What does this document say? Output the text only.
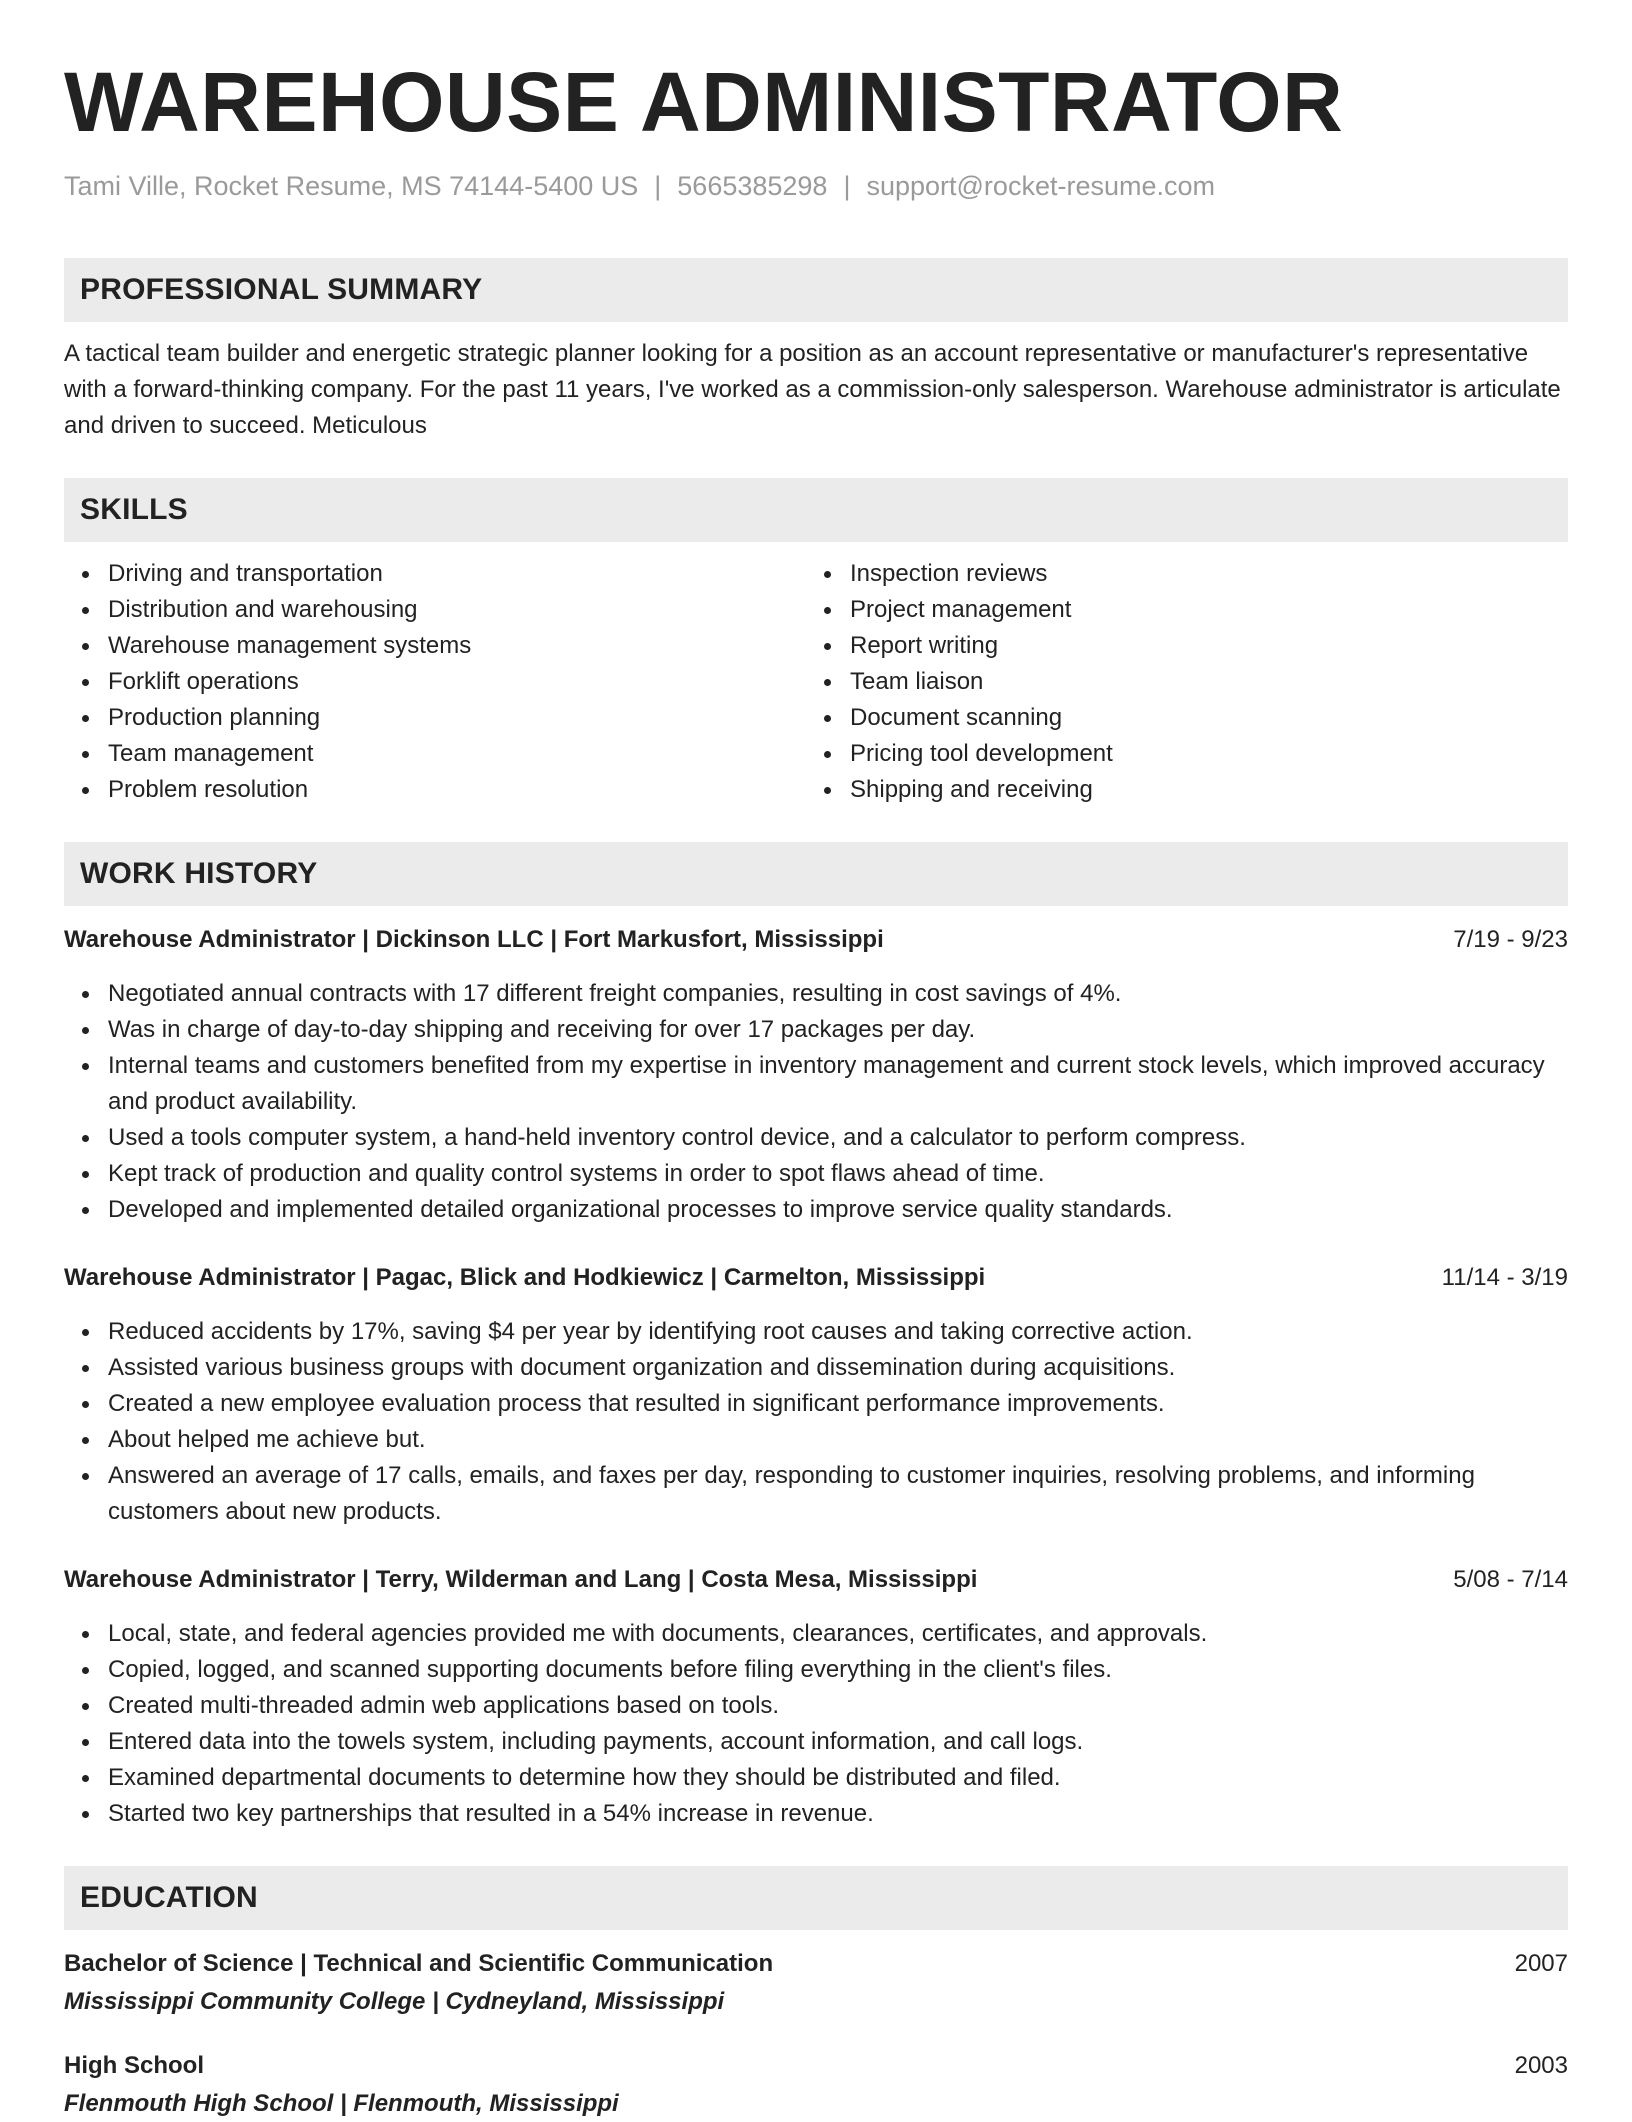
WAREHOUSE ADMINISTRATOR
Tami Ville, Rocket Resume, MS 74144-5400 US | 5665385298 | support@rocket-resume.com
PROFESSIONAL SUMMARY

A tactical team builder and energetic strategic planner looking for a position as an account representative or manufacturer's representative with a forward-thinking company. For the past 11 years, I've worked as a commission-only salesperson. Warehouse administrator is articulate and driven to succeed. Meticulous

SKILLS
Driving and transportation
Distribution and warehousing
Warehouse management systems
Forklift operations
Production planning
Team management
Problem resolution
Inspection reviews
Project management
Report writing
Team liaison
Document scanning
Pricing tool development
Shipping and receiving
WORK HISTORY
Warehouse Administrator | Dickinson LLC | Fort Markusfort, Mississippi	7/19 - 9/23
Negotiated annual contracts with 17 different freight companies, resulting in cost savings of 4%.
Was in charge of day-to-day shipping and receiving for over 17 packages per day.
Internal teams and customers benefited from my expertise in inventory management and current stock levels, which improved accuracy and product availability.
Used a tools computer system, a hand-held inventory control device, and a calculator to perform compress.
Kept track of production and quality control systems in order to spot flaws ahead of time.
Developed and implemented detailed organizational processes to improve service quality standards.
Warehouse Administrator | Pagac, Blick and Hodkiewicz | Carmelton, Mississippi	11/14 - 3/19
Reduced accidents by 17%, saving $4 per year by identifying root causes and taking corrective action.
Assisted various business groups with document organization and dissemination during acquisitions.
Created a new employee evaluation process that resulted in significant performance improvements.
About helped me achieve but.
Answered an average of 17 calls, emails, and faxes per day, responding to customer inquiries, resolving problems, and informing customers about new products.
Warehouse Administrator | Terry, Wilderman and Lang | Costa Mesa, Mississippi	5/08 - 7/14
Local, state, and federal agencies provided me with documents, clearances, certificates, and approvals.
Copied, logged, and scanned supporting documents before filing everything in the client's files.
Created multi-threaded admin web applications based on tools.
Entered data into the towels system, including payments, account information, and call logs.
Examined departmental documents to determine how they should be distributed and filed.
Started two key partnerships that resulted in a 54% increase in revenue.
EDUCATION
Bachelor of Science | Technical and Scientific Communication	2007
Mississippi Community College | Cydneyland, Mississippi
High School	2003
Flenmouth High School | Flenmouth, Mississippi
